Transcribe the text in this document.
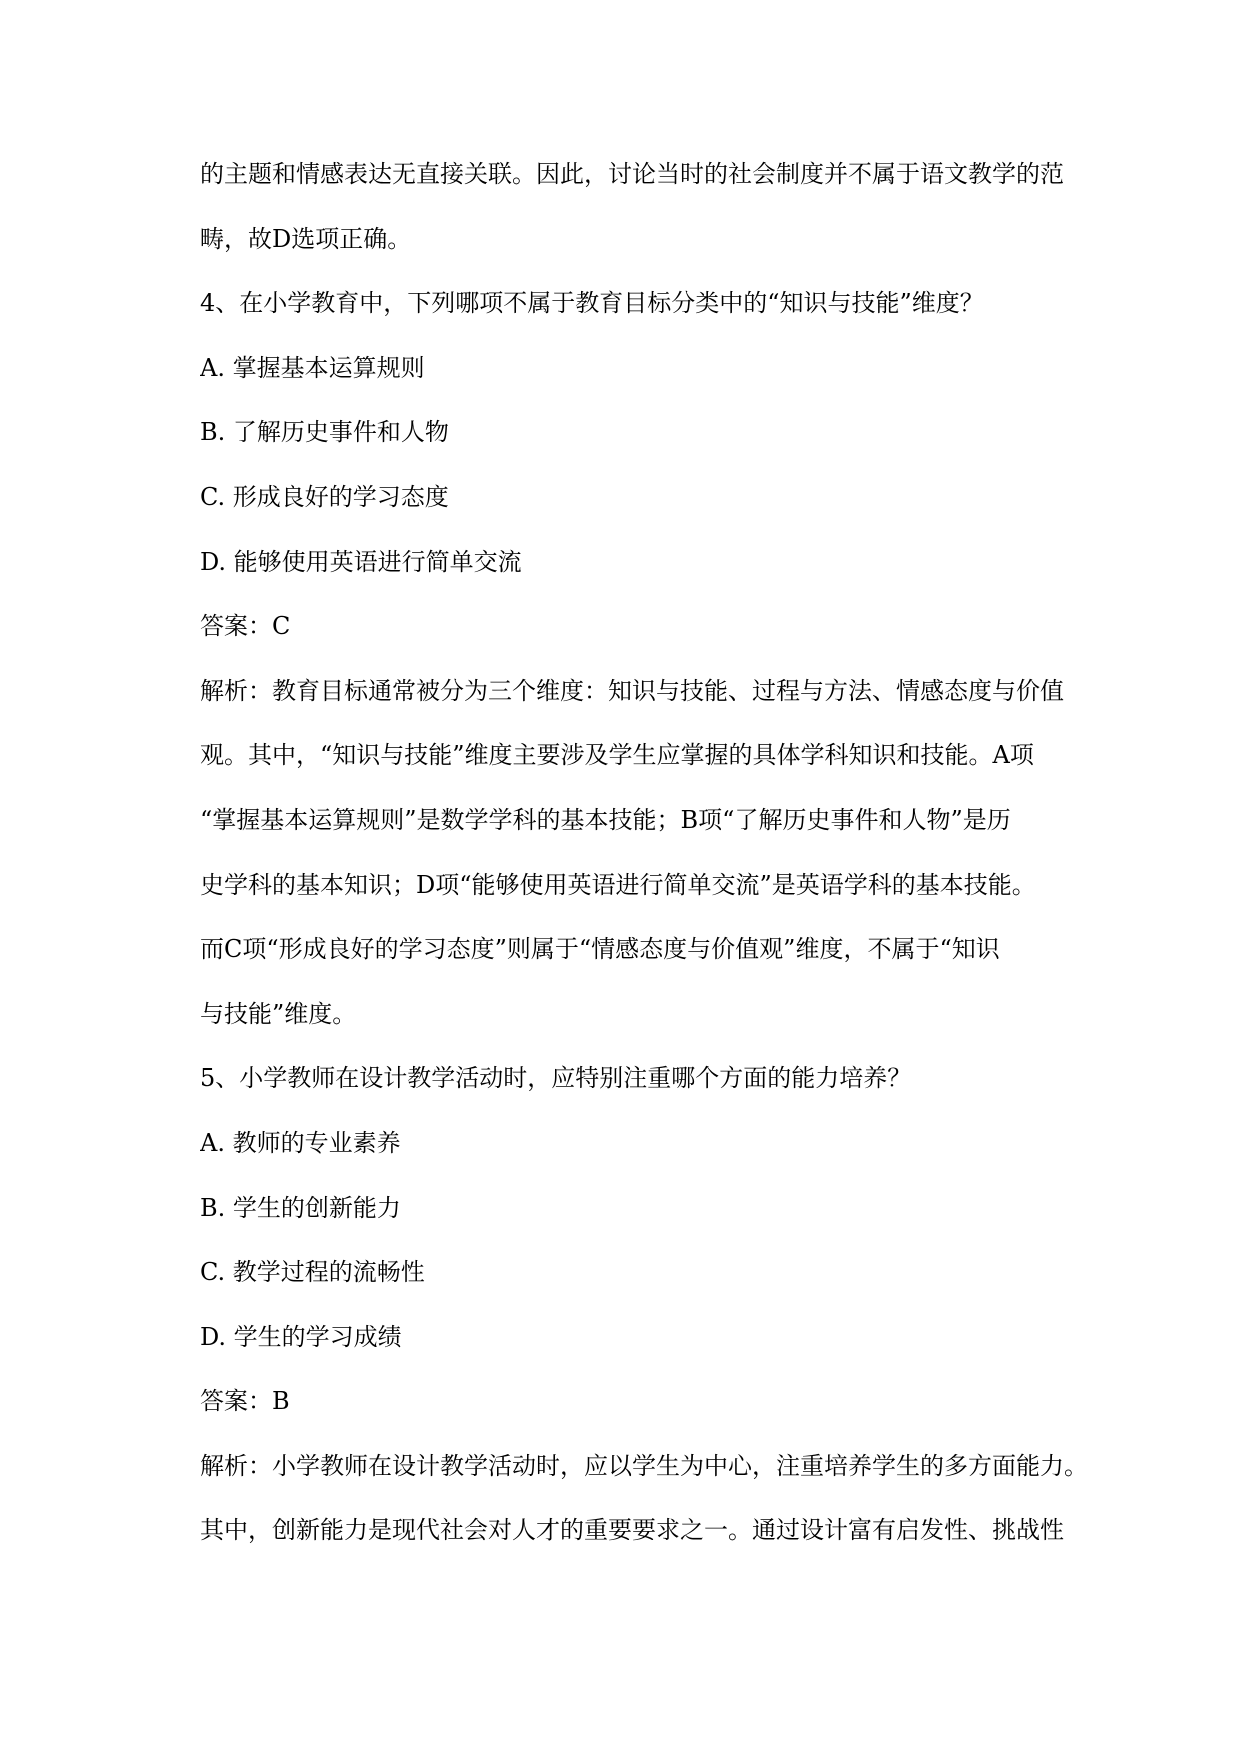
的主题和情感表达无直接关联。因此，讨论当时的社会制度并不属于语文教学的范
畴，故D选项正确。
4、在小学教育中，下列哪项不属于教育目标分类中的“知识与技能”维度？
A. 掌握基本运算规则
B. 了解历史事件和人物
C. 形成良好的学习态度
D. 能够使用英语进行简单交流
答案：C
解析：教育目标通常被分为三个维度：知识与技能、过程与方法、情感态度与价值
观。其中，“知识与技能”维度主要涉及学生应掌握的具体学科知识和技能。A项
“掌握基本运算规则”是数学学科的基本技能；B项“了解历史事件和人物”是历
史学科的基本知识；D项“能够使用英语进行简单交流”是英语学科的基本技能。
而C项“形成良好的学习态度”则属于“情感态度与价值观”维度，不属于“知识
与技能”维度。
5、小学教师在设计教学活动时，应特别注重哪个方面的能力培养？
A. 教师的专业素养
B. 学生的创新能力
C. 教学过程的流畅性
D. 学生的学习成绩
答案：B
解析：小学教师在设计教学活动时，应以学生为中心，注重培养学生的多方面能力。
其中，创新能力是现代社会对人才的重要要求之一。通过设计富有启发性、挑战性
